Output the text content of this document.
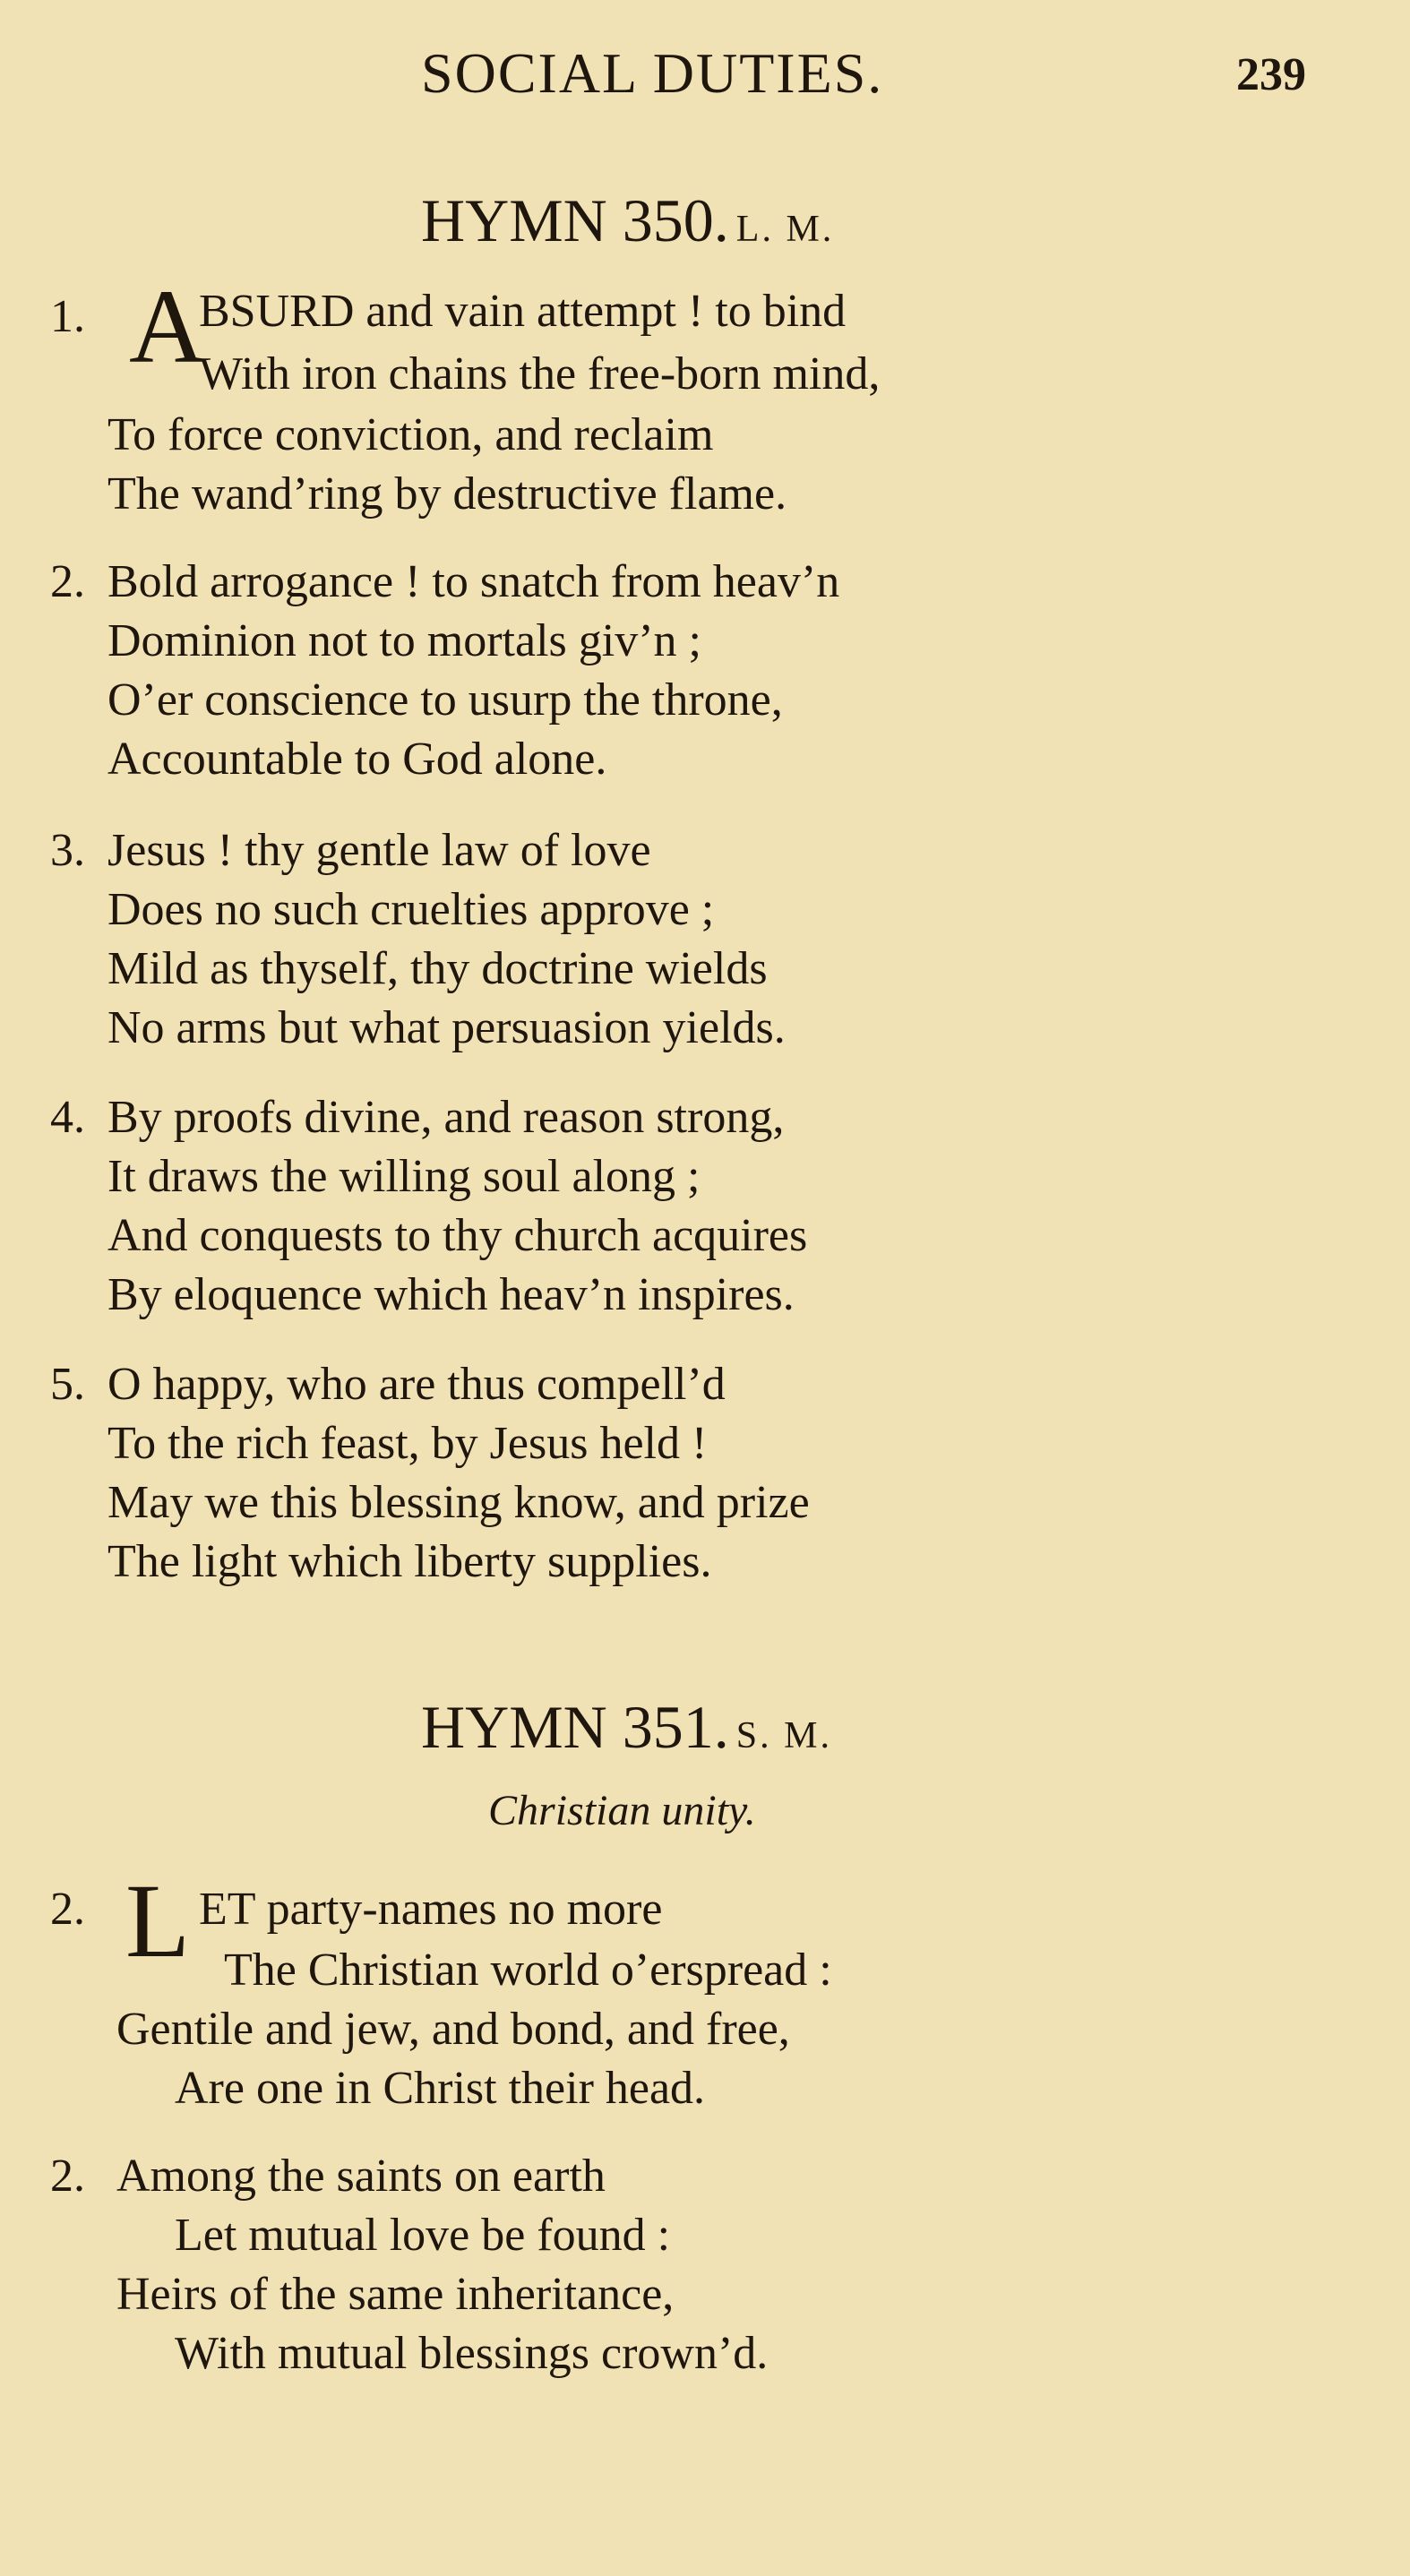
SOCIAL DUTIES.	239
HYMN 350. L. M.
1. A
BSURD and vain attempt ! to bind
With iron chains the free-born mind,
To force conviction, and reclaim
The wand’ring by destructive flame.
2. Bold arrogance ! to snatch from heav’n
Dominion not to mortals giv’n ;
O’er conscience to usurp the throne,
Accountable to God alone.
3. Jesus ! thy gentle law of love
Does no such cruelties approve ;
Mild as thyself, thy doctrine wields
No arms but what persuasion yields.
4. By proofs divine, and reason strong,
It draws the willing soul along ;
And conquests to thy church acquires
By eloquence which heav’n inspires.
5. O happy, who are thus compell’d
To the rich feast, by Jesus held !
May we this blessing know, and prize
The light which liberty supplies.
HYMN 351. S. M.
Christian unity.
2. L ET party-names no more
The Christian world o’erspread :
Gentile and jew, and bond, and free,
Are one in Christ their head.
2. Among the saints on earth
Let mutual love be found :
Heirs of the same inheritance,
With mutual blessings crown’d.
